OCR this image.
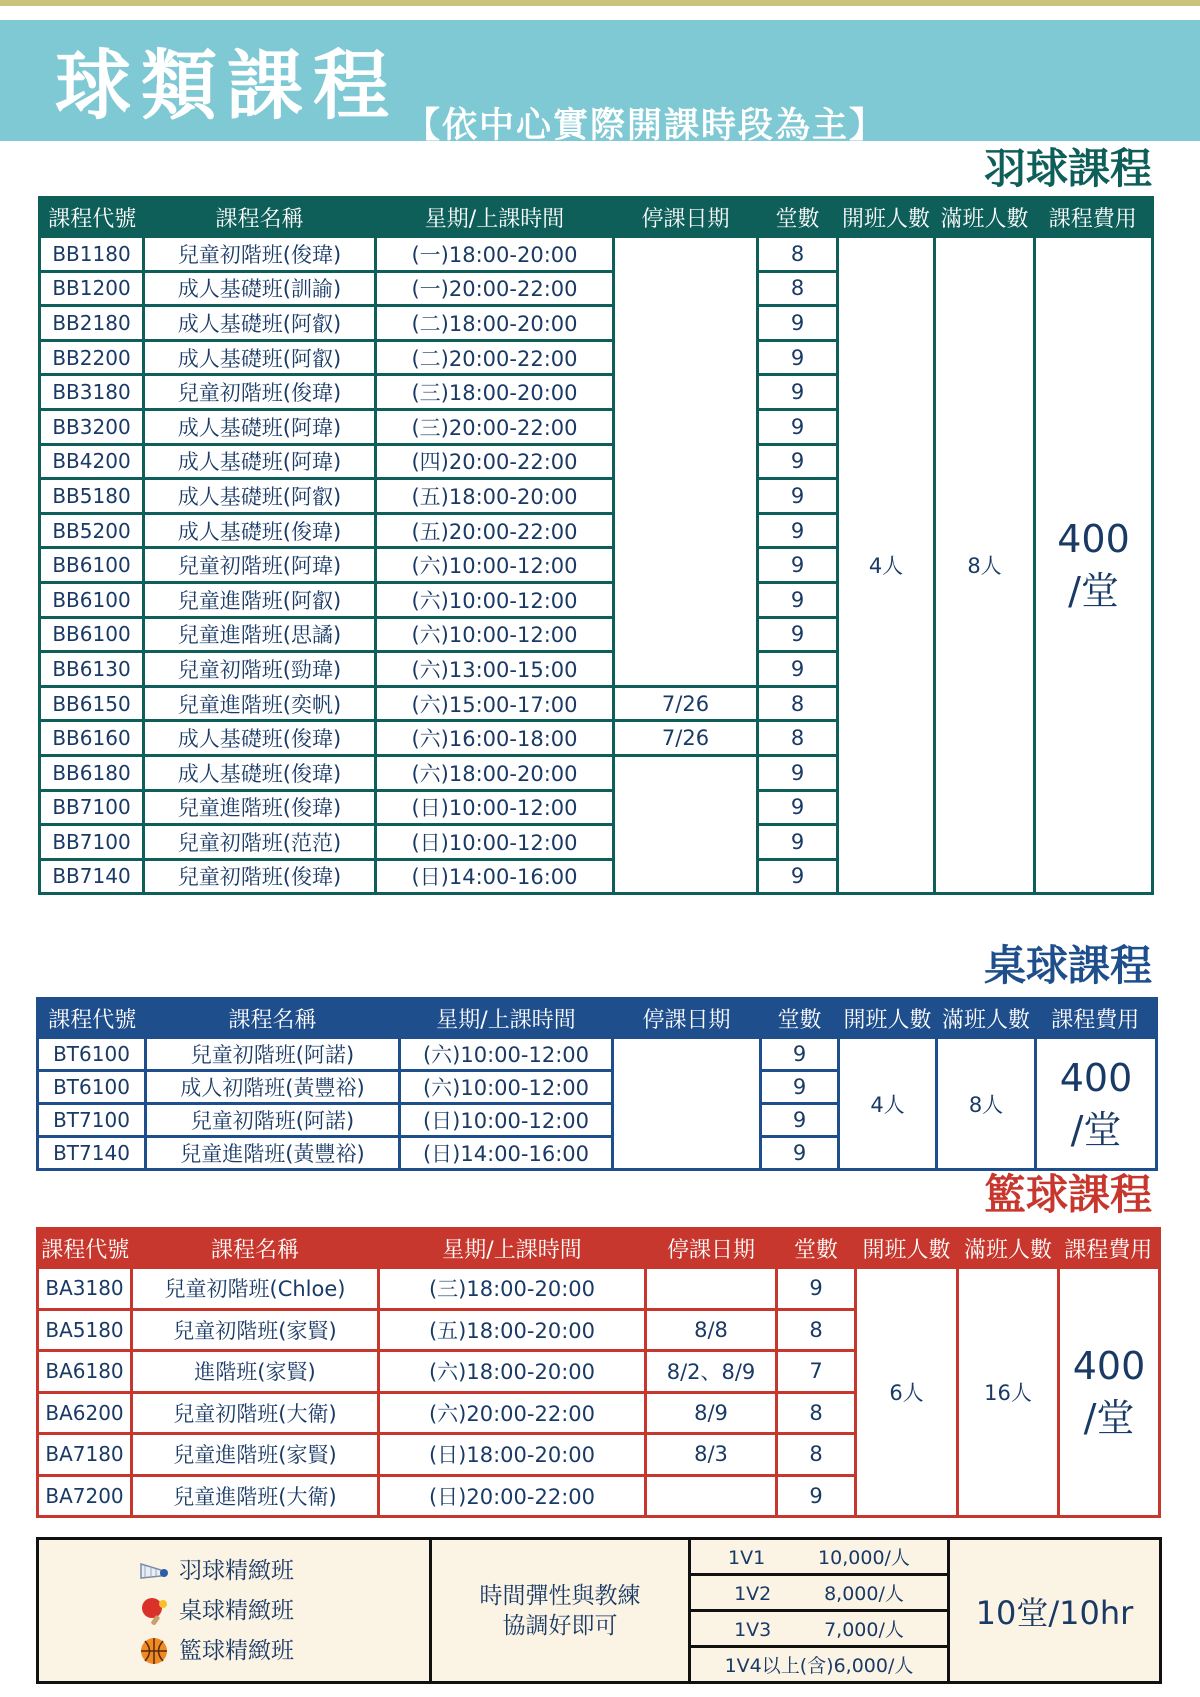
球類課程 【依中心實際開課時段為主】
羽球課程
課程代號	課程名稱	星期/上課時間	停課日期	堂數	開班人數	滿班人數	課程費用
BB1180	兒童初階班(俊瑋)	(一)18:00-20:00		8	4人	8人	400
/堂

BB1200	成人基礎班(訓諭)	(一)20:00-22:00		8			
BB2180	成人基礎班(阿叡)	(二)18:00-20:00		9			
BB2200	成人基礎班(阿叡)	(二)20:00-22:00		9			
BB3180	兒童初階班(俊瑋)	(三)18:00-20:00		9			
BB3200	成人基礎班(阿瑋)	(三)20:00-22:00		9			
BB4200	成人基礎班(阿瑋)	(四)20:00-22:00		9			
BB5180	成人基礎班(阿叡)	(五)18:00-20:00		9			
BB5200	成人基礎班(俊瑋)	(五)20:00-22:00		9			
BB6100	兒童初階班(阿瑋)	(六)10:00-12:00		9			
BB6100	兒童進階班(阿叡)	(六)10:00-12:00		9			
BB6100	兒童進階班(思譎)	(六)10:00-12:00		9			
BB6130	兒童初階班(勁瑋)	(六)13:00-15:00		9			
BB6150	兒童進階班(奕帆)	(六)15:00-17:00	7/26	8			
BB6160	成人基礎班(俊瑋)	(六)16:00-18:00	7/26	8			
BB6180	成人基礎班(俊瑋)	(六)18:00-20:00		9			
BB7100	兒童進階班(俊瑋)	(日)10:00-12:00		9			
BB7100	兒童初階班(范范)	(日)10:00-12:00		9			
BB7140	兒童初階班(俊瑋)	(日)14:00-16:00		9			
桌球課程
課程代號	課程名稱	星期/上課時間	停課日期	堂數	開班人數	滿班人數	課程費用
BT6100	兒童初階班(阿諾)	(六)10:00-12:00		9	4人	8人	400
/堂

BT6100	成人初階班(黃豐裕)	(六)10:00-12:00		9			
BT7100	兒童初階班(阿諾)	(日)10:00-12:00		9			
BT7140	兒童進階班(黃豐裕)	(日)14:00-16:00		9			
籃球課程
課程代號	課程名稱	星期/上課時間	停課日期	堂數	開班人數	滿班人數	課程費用
BA3180	兒童初階班(Chloe)	(三)18:00-20:00		9	6人	16人	400
/堂

BA5180	兒童初階班(家賢)	(五)18:00-20:00	8/8	8			
BA6180	進階班(家賢)	(六)18:00-20:00	8/2、8/9	7			
BA6200	兒童初階班(大衛)	(六)20:00-22:00	8/9	8			
BA7180	兒童進階班(家賢)	(日)18:00-20:00	8/3	8			
BA7200	兒童進階班(大衛)	(日)20:00-22:00		9			
羽球精緻班
桌球精緻班
籃球精緻班

時間彈性與教練
協調好即可
	1V1	10,000/人	10堂/10hr
1V2	8,000/人
1V3	7,000/人
1V4以上(含)6,000/人
